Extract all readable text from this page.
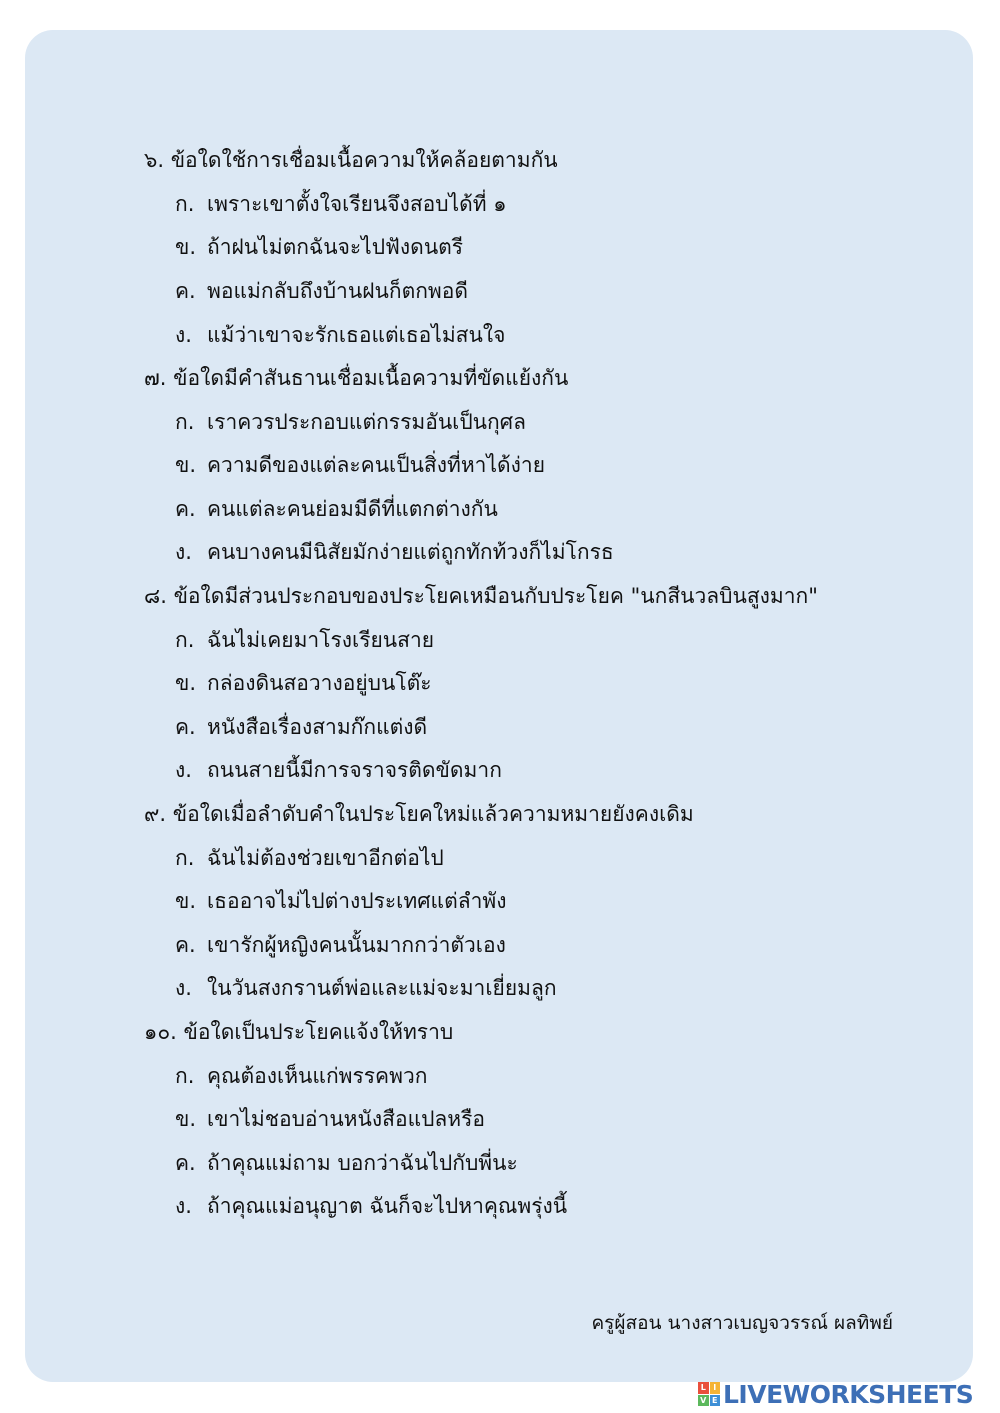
๖. ข้อใดใช้การเชื่อมเนื้อความให้คล้อยตามกัน
ก. เพราะเขาตั้งใจเรียนจึงสอบได้ที่ ๑
ข. ถ้าฝนไม่ตกฉันจะไปฟังดนตรี
ค. พอแม่กลับถึงบ้านฝนก็ตกพอดี
ง. แม้ว่าเขาจะรักเธอแต่เธอไม่สนใจ
๗. ข้อใดมีคำสันธานเชื่อมเนื้อความที่ขัดแย้งกัน
ก. เราควรประกอบแต่กรรมอันเป็นกุศล
ข. ความดีของแต่ละคนเป็นสิ่งที่หาได้ง่าย
ค. คนแต่ละคนย่อมมีดีที่แตกต่างกัน
ง. คนบางคนมีนิสัยมักง่ายแต่ถูกทักท้วงก็ไม่โกรธ
๘. ข้อใดมีส่วนประกอบของประโยคเหมือนกับประโยค "นกสีนวลบินสูงมาก"
ก. ฉันไม่เคยมาโรงเรียนสาย
ข. กล่องดินสอวางอยู่บนโต๊ะ
ค. หนังสือเรื่องสามก๊กแต่งดี
ง. ถนนสายนี้มีการจราจรติดขัดมาก
๙. ข้อใดเมื่อลำดับคำในประโยคใหม่แล้วความหมายยังคงเดิม
ก. ฉันไม่ต้องช่วยเขาอีกต่อไป
ข. เธออาจไม่ไปต่างประเทศแต่ลำพัง
ค. เขารักผู้หญิงคนนั้นมากกว่าตัวเอง
ง. ในวันสงกรานต์พ่อและแม่จะมาเยี่ยมลูก
๑๐. ข้อใดเป็นประโยคแจ้งให้ทราบ
ก. คุณต้องเห็นแก่พรรคพวก
ข. เขาไม่ชอบอ่านหนังสือแปลหรือ
ค. ถ้าคุณแม่ถาม บอกว่าฉันไปกับพี่นะ
ง. ถ้าคุณแม่อนุญาต ฉันก็จะไปหาคุณพรุ่งนี้
ครูผู้สอน นางสาวเบญจวรรณ์ ผลทิพย์
L I
V E LIVEWORKSHEETS
